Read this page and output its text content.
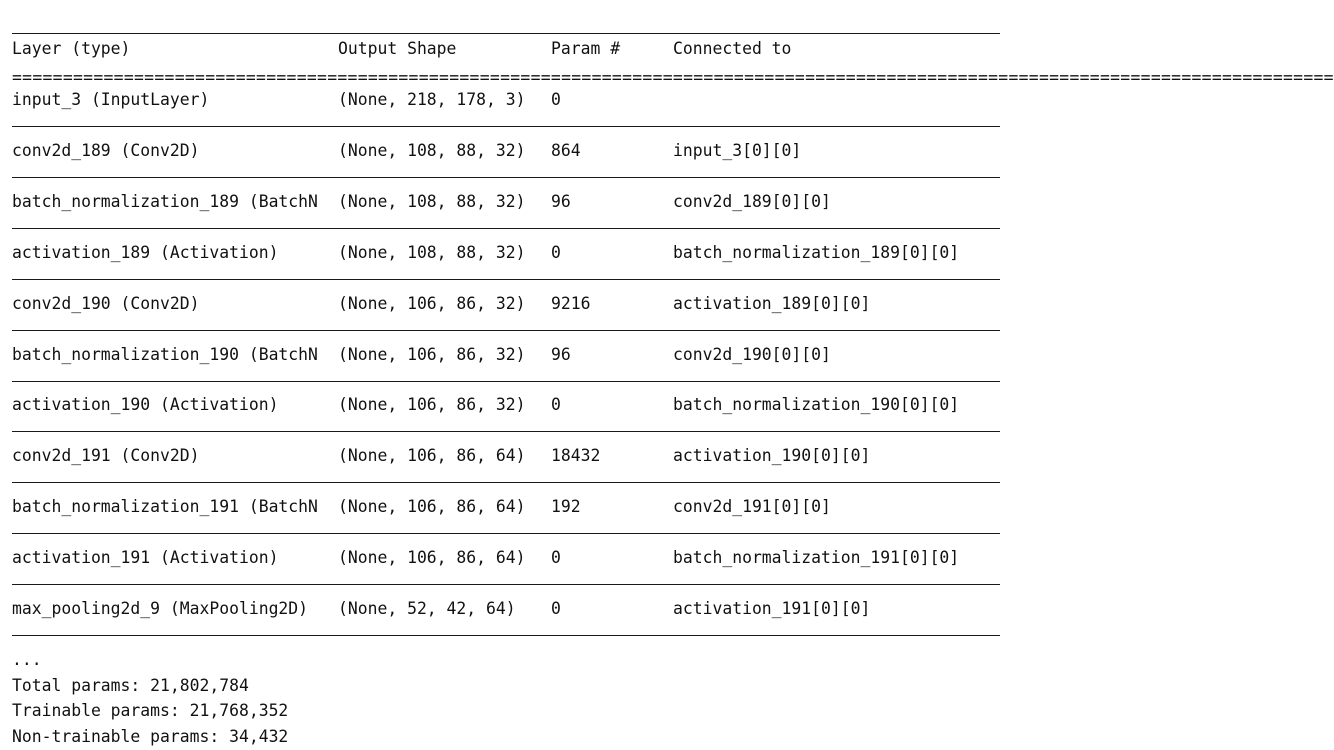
Layer (type)	Output Shape	Param #	Connected to
==================================================================================================================================
input_3 (InputLayer)	(None, 218, 178, 3) 0
conv2d_189 (Conv2D)	(None, 108, 88, 32) 864	input_3[0][0]
batch_normalization_189 (BatchN (None, 108, 88, 32) 96	conv2d_189[0][0]
activation_189 (Activation)	(None, 108, 88, 32) 0	batch_normalization_189[0][0]
conv2d_190 (Conv2D)	(None, 106, 86, 32) 9216	activation_189[0][0]
batch_normalization_190 (BatchN (None, 106, 86, 32) 96	conv2d_190[0][0]
activation_190 (Activation)	(None, 106, 86, 32) 0	batch_normalization_190[0][0]
conv2d_191 (Conv2D)	(None, 106, 86, 64) 18432	activation_190[0][0]
batch_normalization_191 (BatchN (None, 106, 86, 64) 192	conv2d_191[0][0]
activation_191 (Activation)	(None, 106, 86, 64) 0	batch_normalization_191[0][0]
max_pooling2d_9 (MaxPooling2D) (None, 52, 42, 64) 0	activation_191[0][0]
...
Total params: 21,802,784
Trainable params: 21,768,352
Non-trainable params: 34,432
